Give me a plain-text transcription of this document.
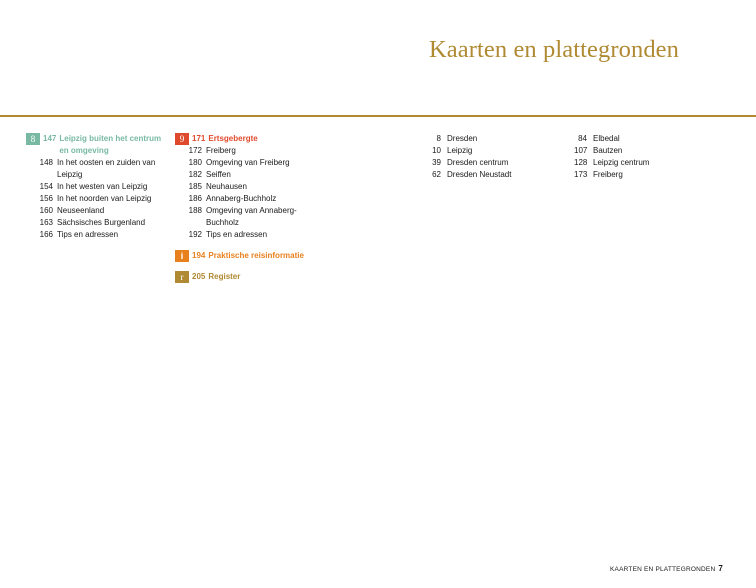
Kaarten en plattegronden
8 147 Leipzig buiten het centrum en omgeving
148 In het oosten en zuiden van Leipzig
154 In het westen van Leipzig
156 In het noorden van Leipzig
160 Neuseenland
163 Sächsisches Burgenland
166 Tips en adressen
9 171 Ertsgebergte
172 Freiberg
180 Omgeving van Freiberg
182 Seiffen
185 Neuhausen
186 Annaberg-Buchholz
188 Omgeving van Annaberg-Buchholz
192 Tips en adressen
i	194 Praktische reisinformatie
r	205 Register
8 Dresden
10 Leipzig
39 Dresden centrum
62 Dresden Neustadt
84 Elbedal
107 Bautzen
128 Leipzig centrum
173 Freiberg
KAARTEN EN PLATTEGRONDEN 7
